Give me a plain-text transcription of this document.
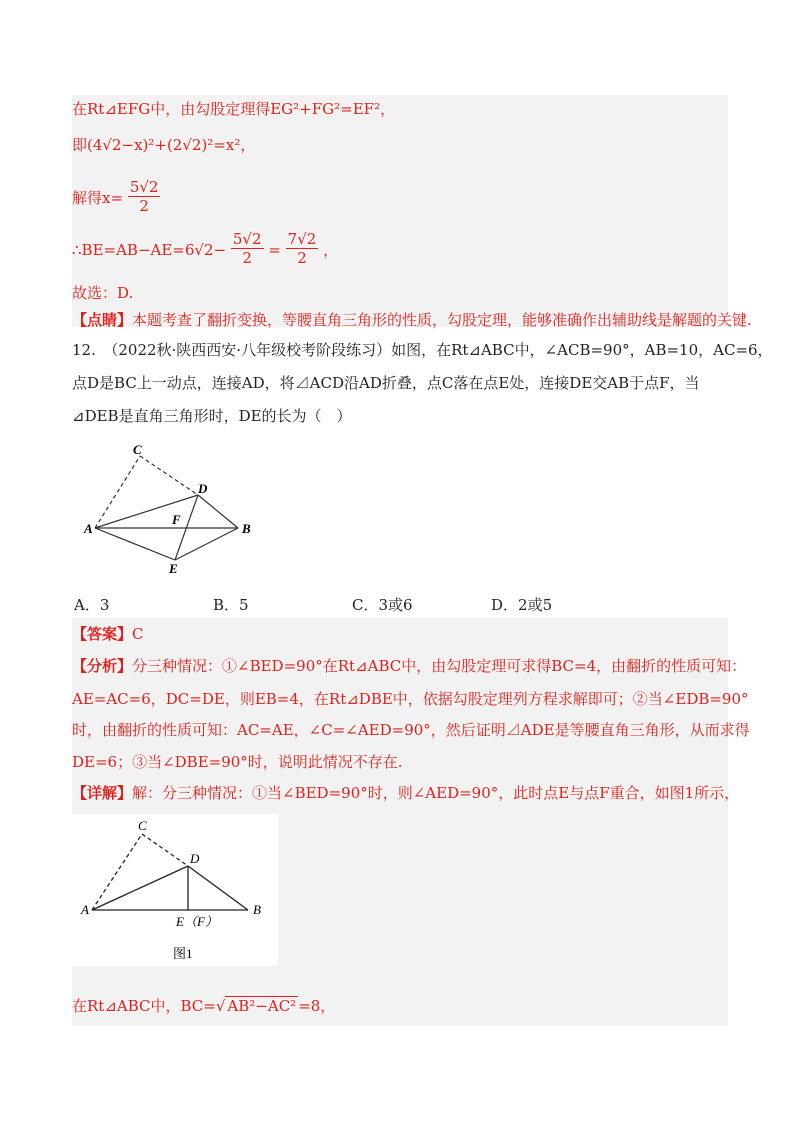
在Rt⊿EFG中，由勾股定理得EG²+FG²=EF²，
即(4√2−x)²+(2√2)²=x²，
解得$x= \frac{5√2}{2}$
∴BE=AB−AE=6√2− $\frac{5√2}{2} = \frac{7√2}{2}$ ，
故选：D.
【点睛】本题考查了翻折变换，等腰直角三角形的性质，勾股定理，能够准确作出辅助线是解题的关键.
12.　（2022秋·陕西西安·八年级校考阶段练习）如图，在Rt⊿ABC中，∠ACB=90°，AB=10，AC=6，
点D是BC上一动点，连接AD，将⊿ACD沿AD折叠，点C落在点E处，连接DE交AB于点F，当
⊿DEB是直角三角形时，DE的长为（　）
C
D
A
F
B
E
A．3	B．5	C．3或6	D．2或5
【答案】C
【分析】分三种情况：①∠BED=90°在Rt⊿ABC中，由勾股定理可求得BC=4，由翻折的性质可知：
AE=AC=6，DC=DE，则EB=4，在Rt⊿DBE中，依据勾股定理列方程求解即可；②当∠EDB=90°
时，由翻折的性质可知：AC=AE，∠C=∠AED=90°，然后证明⊿ADE是等腰直角三角形，从而求得
DE=6；③当∠DBE=90°时，说明此情况不存在.
【详解】解：分三种情况：①当∠BED=90°时，则∠AED=90°，此时点E与点F重合，如图1所示，
C
D
A
E（F）
B
图1
在Rt⊿ABC中，BC=√ AB²−AC² =8，
